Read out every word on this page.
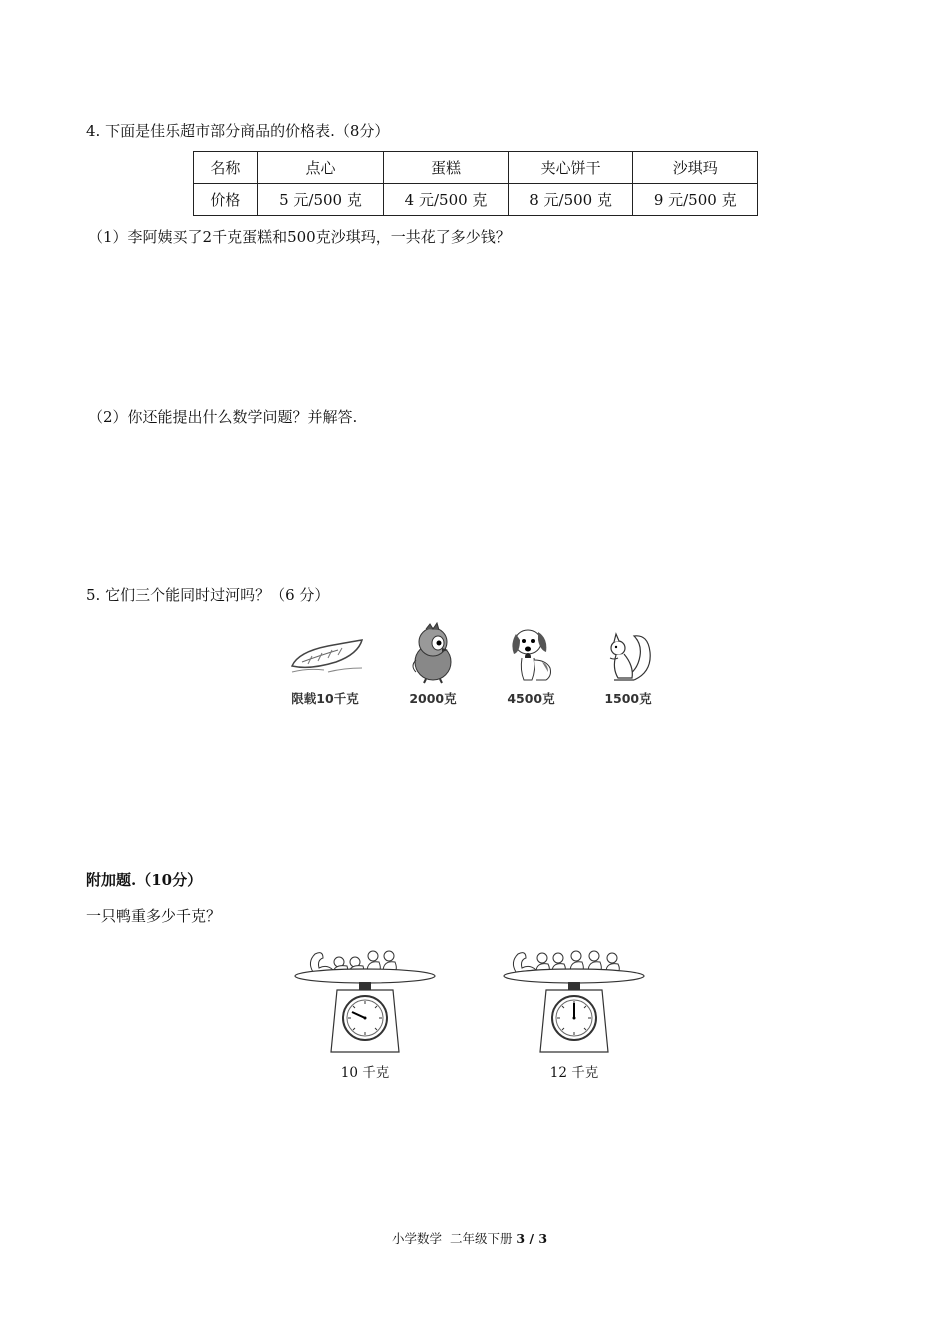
4. 下面是佳乐超市部分商品的价格表.（8分）
名称	点心	蛋糕	夹心饼干	沙琪玛
价格	5 元/500 克	4 元/500 克	8 元/500 克	9 元/500 克
（1）李阿姨买了2千克蛋糕和500克沙琪玛，一共花了多少钱？
（2）你还能提出什么数学问题？并解答.
5. 它们三个能同时过河吗？（6 分）
限载10千克	2000克	4500克	1500克
附加题.（10分）
一只鸭重多少千克？
10 千克	12 千克
小学数学  二年级下册 3 / 3
